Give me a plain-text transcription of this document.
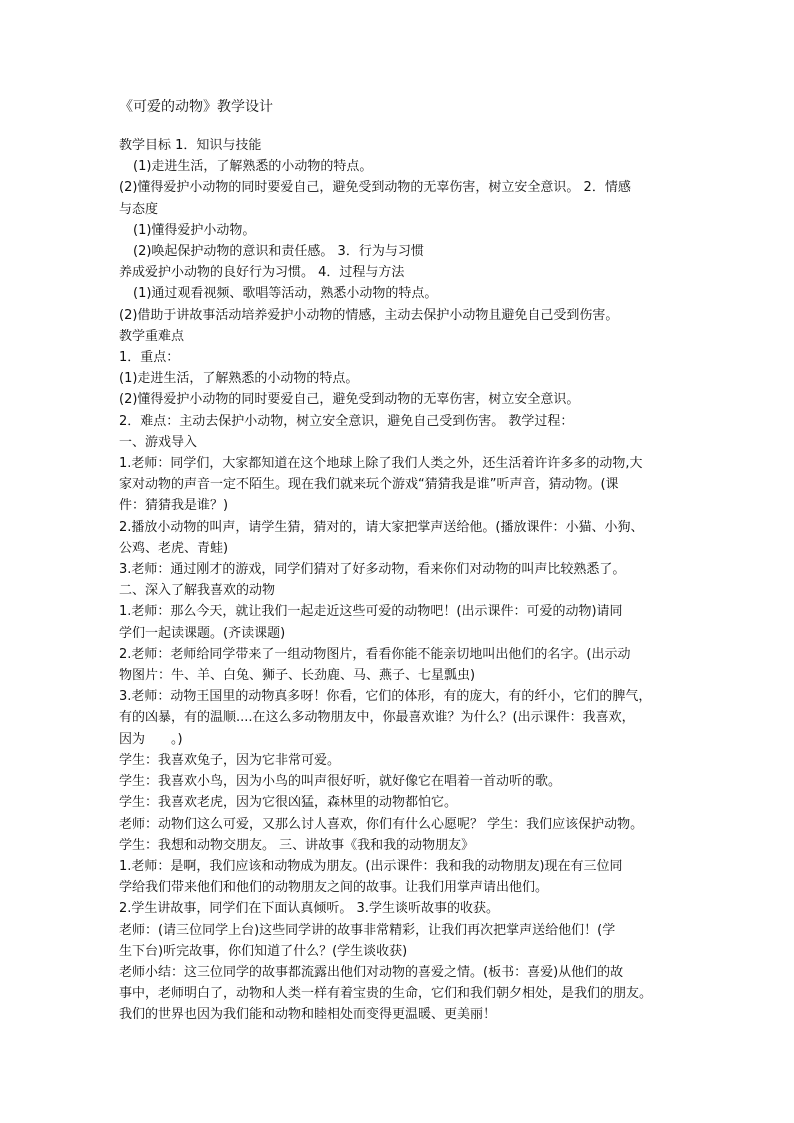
《可爱的动物》教学设计

教学目标 1．知识与技能

(1)走进生活，了解熟悉的小动物的特点。

(2)懂得爱护小动物的同时要爱自己，避免受到动物的无辜伤害，树立安全意识。 2．情感

与态度

(1)懂得爱护小动物。

(2)唤起保护动物的意识和责任感。 3．行为与习惯

养成爱护小动物的良好行为习惯。 4．过程与方法

(1)通过观看视频、歌唱等活动，熟悉小动物的特点。

(2)借助于讲故事活动培养爱护小动物的情感，主动去保护小动物且避免自己受到伤害。

教学重难点

1．重点：

(1)走进生活，了解熟悉的小动物的特点。

(2)懂得爱护小动物的同时要爱自己，避免受到动物的无辜伤害，树立安全意识。

2．难点：主动去保护小动物，树立安全意识，避免自己受到伤害。 教学过程：

一、游戏导入

1.老师：同学们，大家都知道在这个地球上除了我们人类之外，还生活着许许多多的动物,大

家对动物的声音一定不陌生。现在我们就来玩个游戏“猜猜我是谁”听声音，猜动物。(课

件：猜猜我是谁？)

2.播放小动物的叫声，请学生猜，猜对的，请大家把掌声送给他。(播放课件：小猫、小狗、

公鸡、老虎、青蛙)

3.老师：通过刚才的游戏，同学们猜对了好多动物，看来你们对动物的叫声比较熟悉了。

二、深入了解我喜欢的动物

1.老师：那么今天，就让我们一起走近这些可爱的动物吧！(出示课件：可爱的动物)请同

学们一起读课题。(齐读课题)

2.老师：老师给同学带来了一组动物图片，看看你能不能亲切地叫出他们的名字。(出示动

物图片：牛、羊、白兔、狮子、长劲鹿、马、燕子、七星瓢虫)

3.老师：动物王国里的动物真多呀！你看，它们的体形，有的庞大，有的纤小，它们的脾气，

有的凶暴，有的温顺....在这么多动物朋友中，你最喜欢谁？为什么？(出示课件：我喜欢，

因为　　。)

学生：我喜欢兔子，因为它非常可爱。

学生：我喜欢小鸟，因为小鸟的叫声很好听，就好像它在唱着一首动听的歌。

学生：我喜欢老虎，因为它很凶猛，森林里的动物都怕它。

老师：动物们这么可爱，又那么讨人喜欢，你们有什么心愿呢？ 学生：我们应该保护动物。

学生：我想和动物交朋友。 三、讲故事《我和我的动物朋友》

1.老师：是啊，我们应该和动物成为朋友。(出示课件：我和我的动物朋友)现在有三位同

学给我们带来他们和他们的动物朋友之间的故事。让我们用掌声请出他们。

2.学生讲故事，同学们在下面认真倾听。 3.学生谈听故事的收获。

老师：(请三位同学上台)这些同学讲的故事非常精彩，让我们再次把掌声送给他们！(学

生下台)听完故事，你们知道了什么？(学生谈收获)

老师小结：这三位同学的故事都流露出他们对动物的喜爱之情。(板书：喜爱)从他们的故

事中，老师明白了，动物和人类一样有着宝贵的生命，它们和我们朝夕相处，是我们的朋友。

我们的世界也因为我们能和动物和睦相处而变得更温暖、更美丽！
